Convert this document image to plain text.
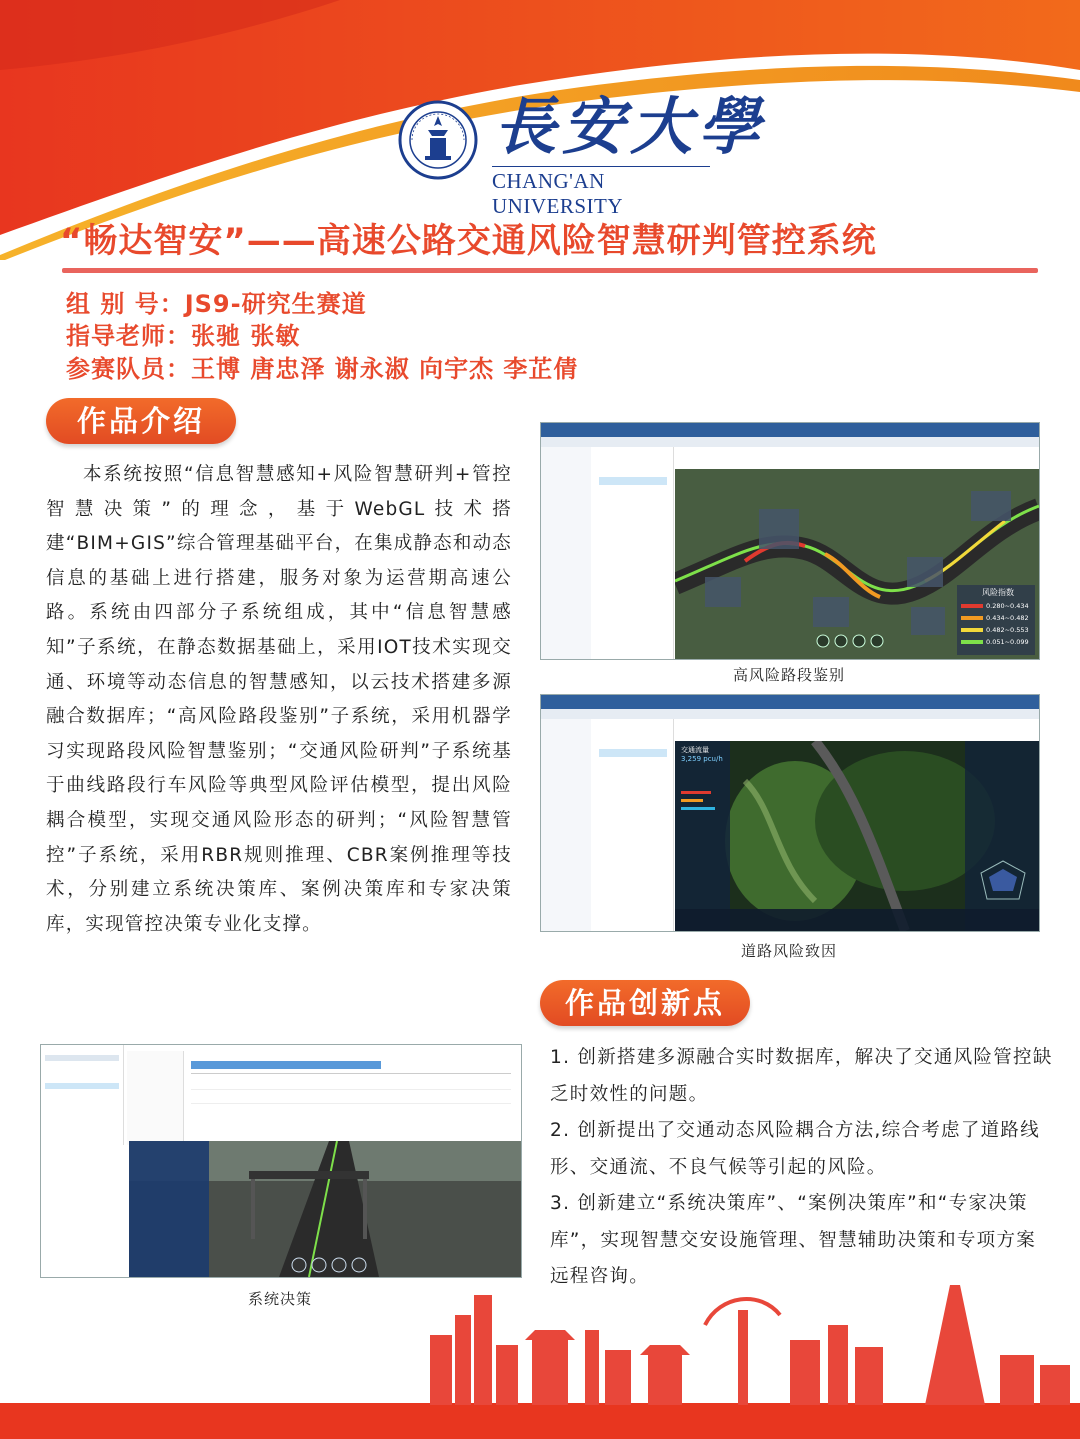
長安大學
CHANG'AN UNIVERSITY
“畅达智安”——高速公路交通风险智慧研判管控系统
组 别 号：JS9-研究生赛道
指导老师：张驰 张敏
参赛队员：王博 唐忠泽 谢永淑 向宇杰 李芷倩
作品介绍

本系统按照“信息智慧感知+风险智慧研判+管控智慧决策”的理念，基于WebGL技术搭建“BIM+GIS”综合管理基础平台，在集成静态和动态信息的基础上进行搭建，服务对象为运营期高速公路。系统由四部分子系统组成，其中“信息智慧感知”子系统，在静态数据基础上，采用IOT技术实现交通、环境等动态信息的智慧感知，以云技术搭建多源融合数据库；“高风险路段鉴别”子系统，采用机器学习实现路段风险智慧鉴别；“交通风险研判”子系统基于曲线路段行车风险等典型风险评估模型，提出风险耦合模型，实现交通风险形态的研判；“风险智慧管控”子系统，采用RBR规则推理、CBR案例推理等技术，分别建立系统决策库、案例决策库和专家决策库，实现管控决策专业化支撑。

风险指数
0.280~0.434
0.434~0.482
0.482~0.553
0.051~0.099
高风险路段鉴别
交通流量
3,259 pcu/h
道路风险致因
作品创新点
1. 创新搭建多源融合实时数据库，解决了交通风险管控缺乏时效性的问题。
2. 创新提出了交通动态风险耦合方法,综合考虑了道路线形、交通流、不良气候等引起的风险。
3. 创新建立“系统决策库”、“案例决策库”和“专家决策库”，实现智慧交安设施管理、智慧辅助决策和专项方案远程咨询。
系统决策
